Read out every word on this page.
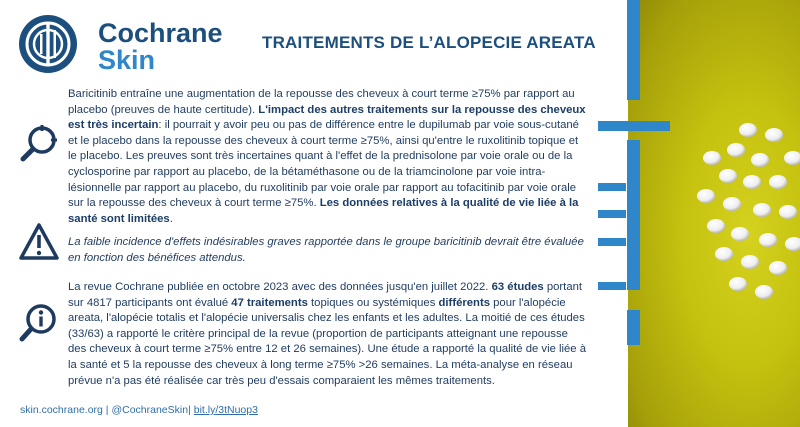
Cochrane
Skin
TRAITEMENTS DE L’ALOPECIE AREATA
Baricitinib entraîne une augmentation de la repousse des cheveux à court terme ≥75% par rapport au placebo (preuves de haute certitude). L'impact des autres traitements sur la repousse des cheveux est très incertain: il pourrait y avoir peu ou pas de différence entre le dupilumab par voie sous-cutané et le placebo dans la repousse des cheveux à court terme ≥75%, ainsi qu'entre le ruxolitinib topique et le placebo. Les preuves sont très incertaines quant à l'effet de la prednisolone par voie orale ou de la cyclosporine par rapport au placebo, de la bétaméthasone ou de la triamcinolone par voie intra-lésionnelle par rapport au placebo, du ruxolitinib par voie orale par rapport au tofacitinib par voie orale sur la repousse des cheveux à court terme ≥75%. Les données relatives à la qualité de vie liée à la santé sont limitées.
La faible incidence d'effets indésirables graves rapportée dans le groupe baricitinib devrait être évaluée en fonction des bénéfices attendus.
La revue Cochrane publiée en octobre 2023 avec des données jusqu'en juillet 2022. 63 études portant sur 4817 participants ont évalué 47 traitements topiques ou systémiques différents pour l'alopécie areata, l'alopécie totalis et l'alopécie universalis chez les enfants et les adultes. La moitié de ces études (33/63) a rapporté le critère principal de la revue (proportion de participants atteignant une repousse des cheveux à court terme ≥75% entre 12 et 26 semaines). Une étude a rapporté la qualité de vie liée à la santé et 5 la repousse des cheveux à long terme ≥75% >26 semaines. La méta-analyse en réseau prévue n'a pas été réalisée car très peu d'essais comparaient les mêmes traitements.
skin.cochrane.org | @CochraneSkin| bit.ly/3tNuop3
